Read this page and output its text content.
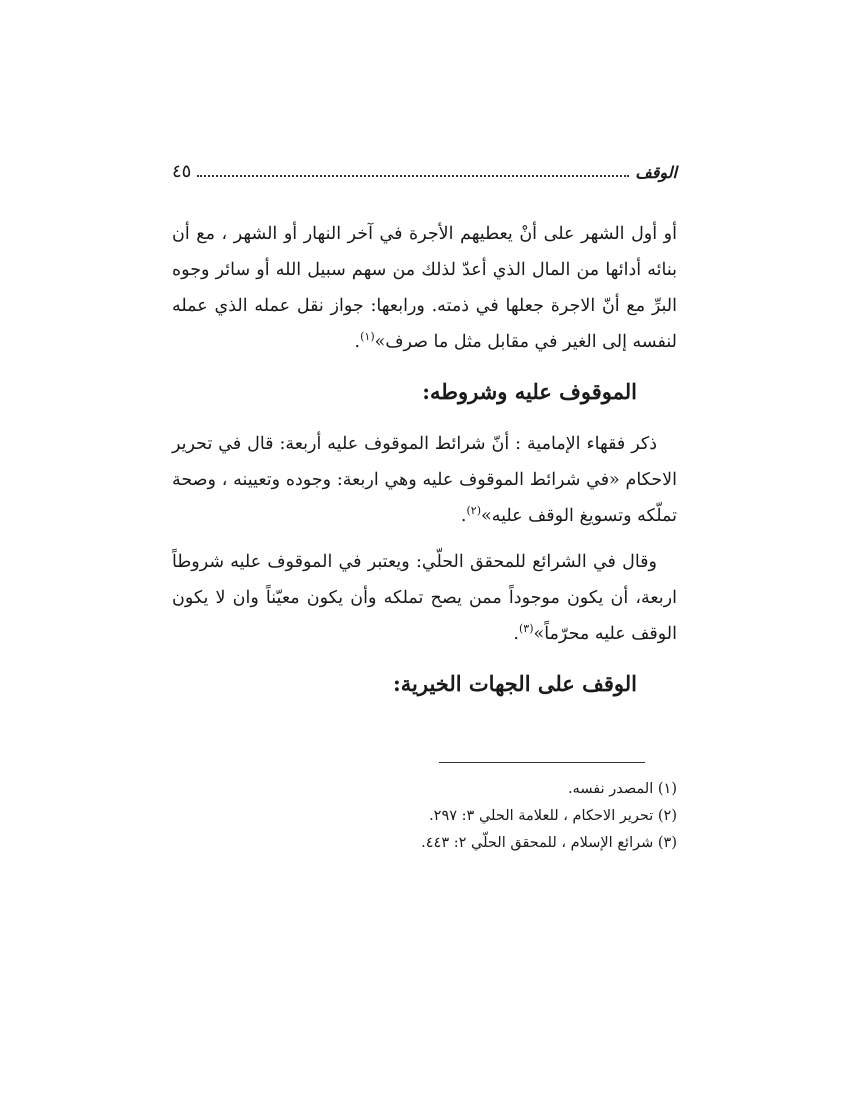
الوقف
٤٥

أو أول الشهر على أنْ يعطيهم الأجرة في آخر النهار أو الشهر ، مع أن بنائه أدائها من المال الذي أعدّ لذلك من سهم سبيل الله أو سائر وجوه البرِّ مع أنّ الاجرة جعلها في ذمته. ورابعها: جواز نقل عمله الذي عمله لنفسه إلى الغير في مقابل مثل ما صرف»$^{(١)}$.

الموقوف عليه وشروطه:

ذكر فقهاء الإمامية : أنّ شرائط الموقوف عليه أربعة: قال في تحرير الاحكام «في شرائط الموقوف عليه وهي اربعة: وجوده وتعيينه ، وصحة تملّكه وتسويغ الوقف عليه»$^{(٢)}$.

وقال في الشرائع للمحقق الحلّي: ويعتبر في الموقوف عليه شروطاً اربعة، أن يكون موجوداً ممن يصح تملكه وأن يكون معيّناً وان لا يكون الوقف عليه محرّماً»$^{(٣)}$.

الوقف على الجهات الخيرية:
(١) المصدر نفسه.
(٢) تحرير الاحكام ، للعلامة الحلي ٣: ٢٩٧.
(٣) شرائع الإسلام ، للمحقق الحلّي ٢: ٤٤٣.
